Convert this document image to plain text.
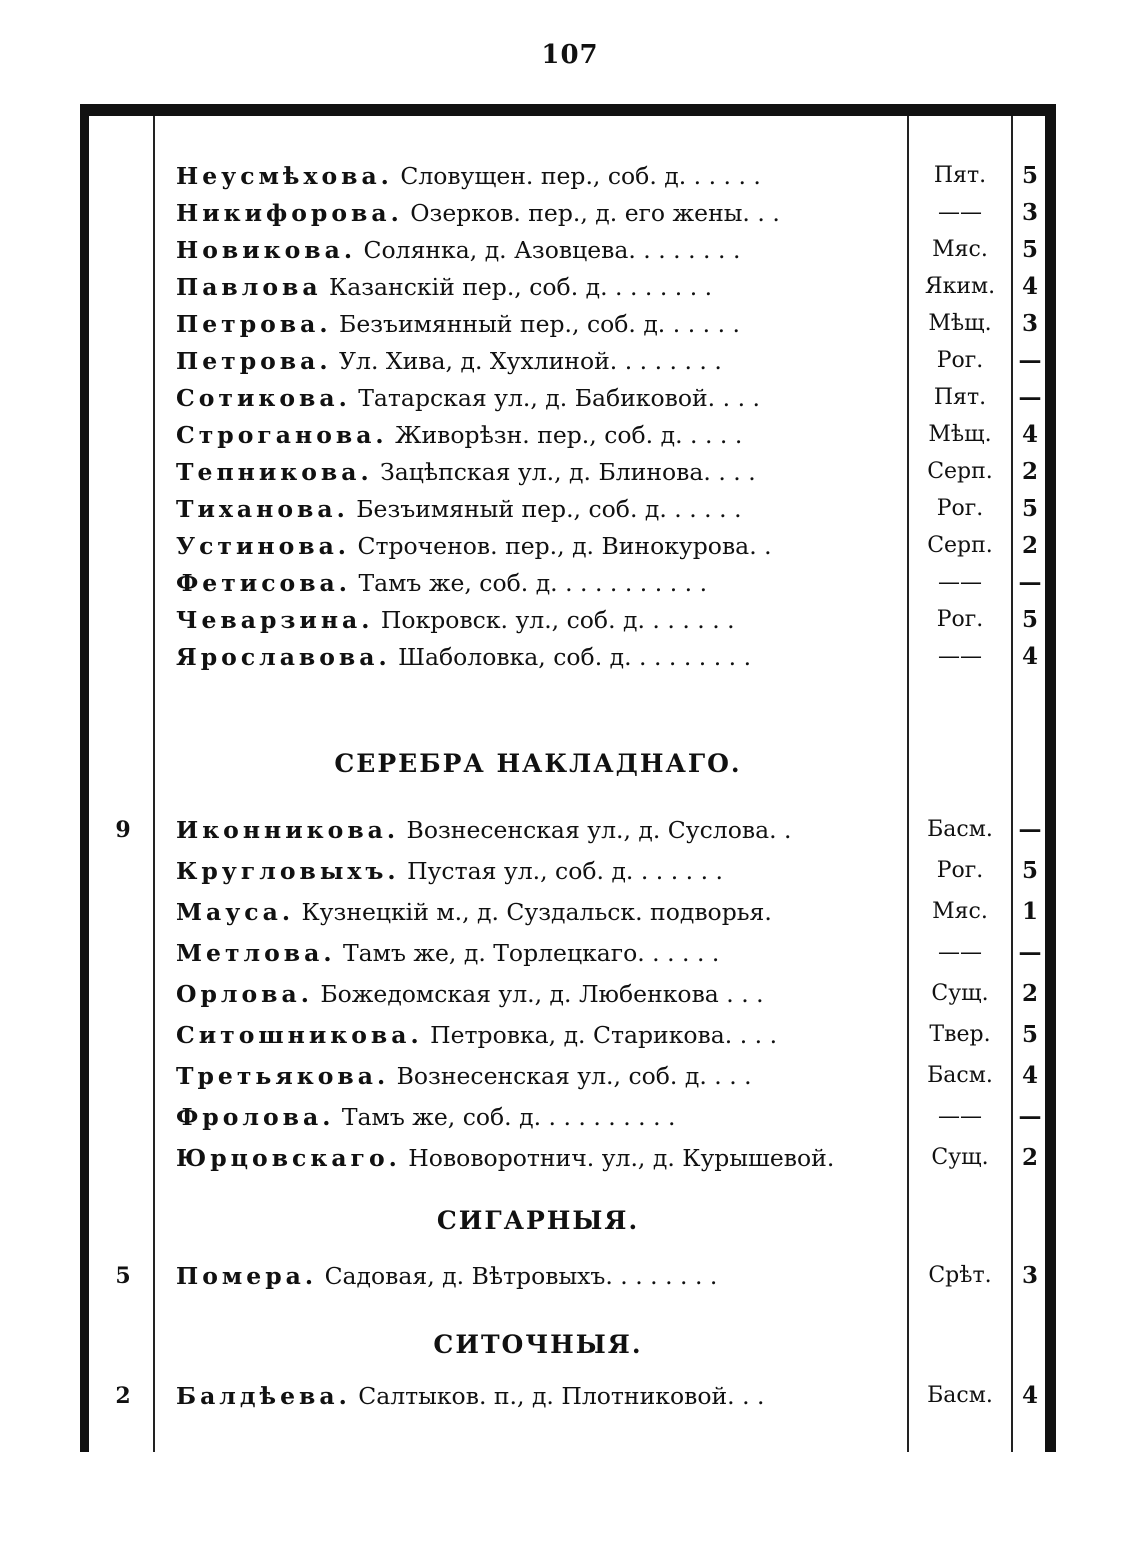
107
Неусмѣхова. Словущен. пер., соб. д. . . . . .	Пят.	5
Никифорова. Озерков. пер., д. его жены. . .	——	3
Новикова. Солянка, д. Азовцева. . . . . . . .	Мяс.	5
Павлова Казанскій пер., соб. д. . . . . . . .	Яким.	4
Петрова. Безъимянный пер., соб. д. . . . . .	Мѣщ.	3
Петрова. Ул. Хива, д. Хухлиной. . . . . . . .	Рог.	—
Сотикова. Татарская ул., д. Бабиковой. . . .	Пят.	—
Строганова. Живорѣзн. пер., соб. д. . . . .	Мѣщ.	4
Тепникова. Зацѣпская ул., д. Блинова. . . .	Серп.	2
Тиханова. Безъимяный пер., соб. д. . . . . .	Рог.	5
Устинова. Строченов. пер., д. Винокурова. .	Серп.	2
Фетисова. Тамъ же, соб. д. . . . . . . . . . .	——	—
Чеварзина. Покровск. ул., соб. д. . . . . . .	Рог.	5
Ярославова. Шаболовка, соб. д. . . . . . . . .	——	4
СЕРЕБРА НАКЛАДНАГО.
9	Иконникова. Вознесенская ул., д. Суслова. .	Басм.	—
Кругловыхъ. Пустая ул., соб. д. . . . . . .	Рог.	5
Мауса. Кузнецкій м., д. Суздальск. подворья.	Мяс.	1
Метлова. Тамъ же, д. Торлецкаго. . . . . .	——	—
Орлова. Божедомская ул., д. Любенкова . . .	Сущ.	2
Ситошникова. Петровка, д. Старикова. . . .	Твер.	5
Третьякова. Вознесенская ул., соб. д. . . .	Басм.	4
Фролова. Тамъ же, соб. д. . . . . . . . . .	——	—
Юрцовскаго. Нововоротнич. ул., д. Курышевой.	Сущ.	2
СИГАРНЫЯ.
5	Помера. Садовая, д. Вѣтровыхъ. . . . . . . .	Срѣт.	3
СИТОЧНЫЯ.
2	Балдѣева. Салтыков. п., д. Плотниковой. . .	Басм.	4
